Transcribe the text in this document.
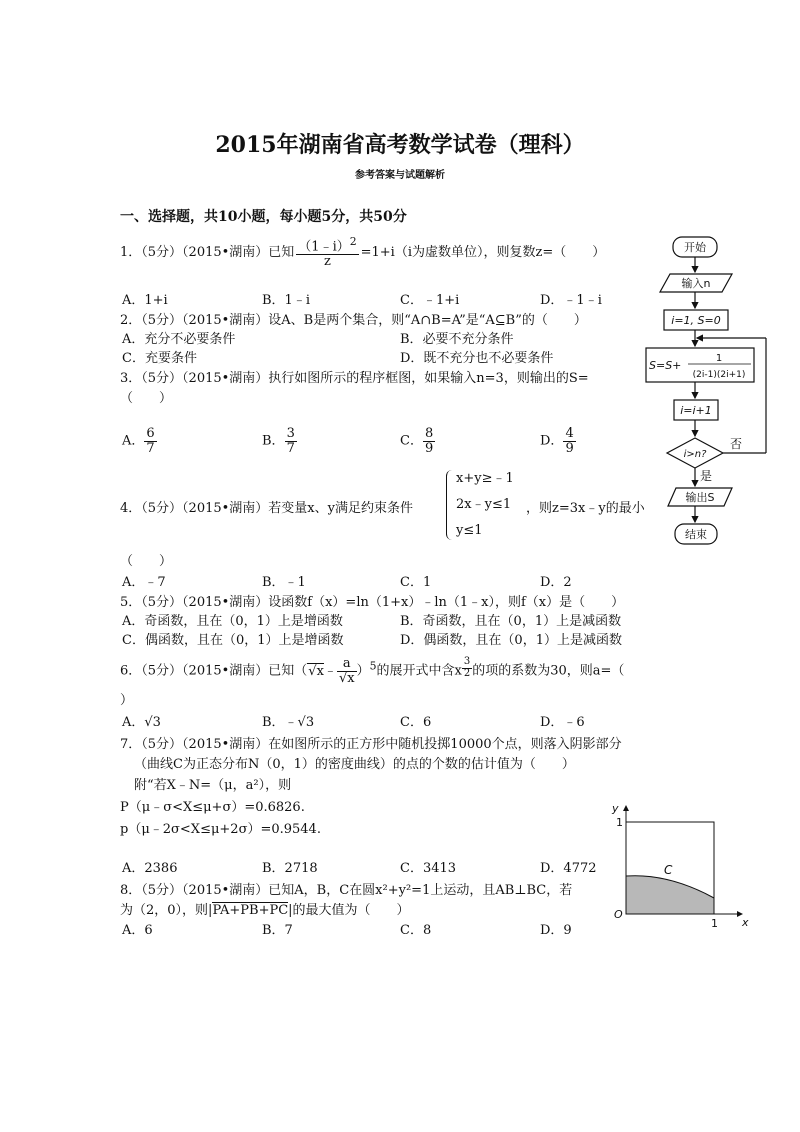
2015年湖南省高考数学试卷（理科）
参考答案与试题解析
一、选择题，共10小题，每小题5分，共50分
1．（5分）（2015•湖南）已知 $\frac{(1﹣i)^2}{z} =1+i(i$为虚数单位），则复数z=（　　）
A．1+i	B．1﹣i	C．﹣1+i	D．﹣1﹣i
2．（5分）（2015•湖南）设A、B是两个集合，则“A∩B=A”是“A⊆B”的（　　）
A．充分不必要条件	B．必要不充分条件
C．充要条件	D．既不充分也不必要条件
3．（5分）（2015•湖南）执行如图所示的程序框图，如果输入n=3，则输出的S=
（　　）
A． $\frac{6}{7}$	B． $\frac{3}{7}$	C． $\frac{8}{9}$	D． $\frac{4}{9}$
开始
输入n
i=1, S=0
S=S+
1
(2i-1)(2i+1)
i=i+1
i>n?
否
是
输出S
结束
4．（5分）（2015•湖南）若变量x、y满足约束条件
x+y≥﹣1
2x﹣y≤1
y≤1
，则z=3x﹣y的最小
（　　）
A．﹣7	B．﹣1	C．1	D．2
5．（5分）（2015•湖南）设函数f（x）=ln（1+x）﹣ln（1﹣x），则f（x）是（　　）
A．奇函数，且在（0，1）上是增函数	B．奇函数，且在（0，1）上是减函数
C．偶函数，且在（0，1）上是增函数	D．偶函数，且在（0，1）上是减函数
6．（5分）（2015•湖南）已知（√x﹣ $\frac{a}{√x} )^5$的展开式中含x $\frac{3}{2}$ 的项的系数为30，则a=（
）
A．√3	B．﹣√3	C．6	D．﹣6
7．（5分）（2015•湖南）在如图所示的正方形中随机投掷10000个点，则落入阴影部分
（曲线C为正态分布N（0，1）的密度曲线）的点的个数的估计值为（　　）
附“若X﹣N=（μ，a²），则
P（μ﹣σ<X≤μ+σ）=0.6826.
p（μ﹣2σ<X≤μ+2σ）=0.9544.
A．2386	B．2718	C．3413	D．4772
y
x
O
1
1
C
8．（5分）（2015•湖南）已知A，B，C在圆x²+y²=1上运动，且AB⊥BC，若
为（2，0），则|PA+PB+PC|的最大值为（　　）
A．6	B．7	C．8	D．9
